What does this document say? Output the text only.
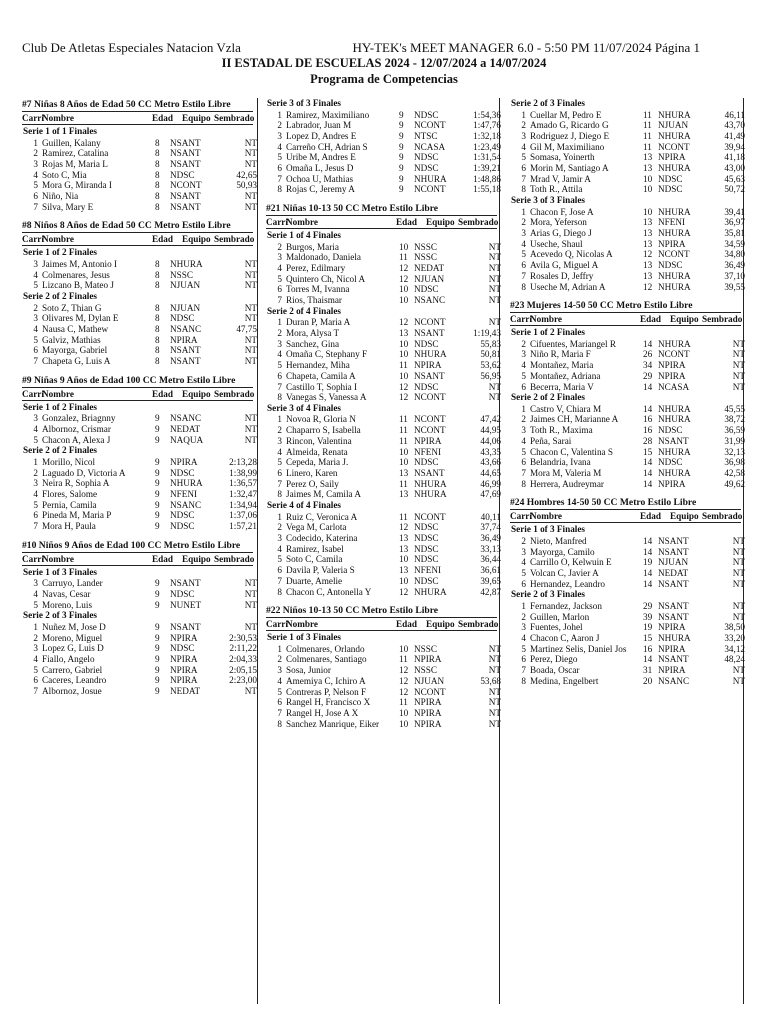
Club De Atletas Especiales Natacion Vzla	HY-TEK's MEET MANAGER 6.0 - 5:50 PM 11/07/2024 Página 1
II ESTADAL DE ESCUELAS 2024 - 12/07/2024 a 14/07/2024
Programa de Competencias
#7 Niñas 8 Años de Edad 50 CC Metro Estilo Libre
Carri
Nombre	Edad Equipo Sembrado
Serie 1 of 1 Finales
1 Guillen, Kalany	8	NSANT	NT
2 Ramirez, Catalina	8	NSANT	NT
3 Rojas M, Maria L	8	NSANT	NT
4 Soto C, Mia	8	NDSC	42,65
5 Mora G, Miranda I	8	NCONT	50,93
6 Niño, Nia	8	NSANT	NT
7 Silva, Mary E	8	NSANT	NT
#8 Niños 8 Años de Edad 50 CC Metro Estilo Libre
Carri
Nombre	Edad Equipo Sembrado
Serie 1 of 2 Finales
3 Jaimes M, Antonio I	8	NHURA	NT
4 Colmenares, Jesus	8	NSSC	NT
5 Lizcano B, Mateo J	8	NJUAN	NT
Serie 2 of 2 Finales
2 Soto Z, Thian G	8	NJUAN	NT
3 Olivares M, Dylan E	8	NDSC	NT
4 Nausa C, Mathew	8	NSANC	47,75
5 Galviz, Mathias	8	NPIRA	NT
6 Mayorga, Gabriel	8	NSANT	NT
7 Chapeta G, Luis A	8	NSANT	NT
#9 Niñas 9 Años de Edad 100 CC Metro Estilo Libre
Carri
Nombre	Edad Equipo Sembrado
Serie 1 of 2 Finales
3 Gonzalez, Briagnny	9	NSANC	NT
4 Albornoz, Crismar	9	NEDAT	NT
5 Chacon A, Alexa J	9	NAQUA	NT
Serie 2 of 2 Finales
1 Morillo, Nicol	9	NPIRA	2:13,28
2 Laguado D, Victoria A	9	NDSC	1:38,99
3 Neira R, Sophia A	9	NHURA	1:36,57
4 Flores, Salome	9	NFENI	1:32,47
5 Pernia, Camila	9	NSANC	1:34,94
6 Pineda M, Maria P	9	NDSC	1:37,06
7 Mora H, Paula	9	NDSC	1:57,21
#10 Niños 9 Años de Edad 100 CC Metro Estilo Libre
Carri
Nombre	Edad Equipo Sembrado
Serie 1 of 3 Finales
3 Carruyo, Lander	9	NSANT	NT
4 Navas, Cesar	9	NDSC	NT
5 Moreno, Luis	9	NUNET	NT
Serie 2 of 3 Finales
1 Nuñez M, Jose D	9	NSANT	NT
2 Moreno, Miguel	9	NPIRA	2:30,53
3 Lopez G, Luis D	9	NDSC	2:11,22
4 Fiallo, Angelo	9	NPIRA	2:04,33
5 Carrero, Gabriel	9	NPIRA	2:05,15
6 Caceres, Leandro	9	NPIRA	2:23,00
7 Albornoz, Josue	9	NEDAT	NT
Serie 3 of 3 Finales
1 Ramirez, Maximiliano	9	NDSC	1:54,36
2 Labrador, Juan M	9	NCONT	1:47,76
3 Lopez D, Andres E	9	NTSC	1:32,18
4 Carreño CH, Adrian S	9	NCASA	1:23,49
5 Uribe M, Andres E	9	NDSC	1:31,54
6 Omaña L, Jesus D	9	NDSC	1:39,21
7 Ochoa U, Mathias	9	NHURA	1:48,86
8 Rojas C, Jeremy A	9	NCONT	1:55,18
#21 Niñas 10-13 50 CC Metro Estilo Libre
Carri
Nombre	Edad Equipo Sembrado
Serie 1 of 4 Finales
2 Burgos, Maria	10 NSSC	NT
3 Maldonado, Daniela	11 NSSC	NT
4 Perez, Edilmary	12 NEDAT	NT
5 Quintero Ch, Nicol A	12 NJUAN	NT
6 Torres M, Ivanna	10 NDSC	NT
7 Rios, Thaismar	10 NSANC	NT
Serie 2 of 4 Finales
1 Duran P, Maria A	12 NCONT	NT
2 Mora, Alysa T	13 NSANT	1:19,43
3 Sanchez, Gina	10 NDSC	55,83
4 Omaña C, Stephany F	10 NHURA	50,81
5 Hernandez, Miha	11 NPIRA	53,62
6 Chapeta, Camila A	10 NSANT	56,95
7 Castillo T, Sophia I	12 NDSC	NT
8 Vanegas S, Vanessa A	12 NCONT	NT
Serie 3 of 4 Finales
1 Novoa R, Gloria N	11 NCONT	47,42
2 Chaparro S, Isabella	11 NCONT	44,95
3 Rincon, Valentina	11 NPIRA	44,06
4 Almeida, Renata	10 NFENI	43,35
5 Cepeda, Maria J.	10 NDSC	43,66
6 Linero, Karen	13 NSANT	44,65
7 Perez O, Saily	11 NHURA	46,99
8 Jaimes M, Camila A	13 NHURA	47,69
Serie 4 of 4 Finales
1 Ruiz C, Veronica A	11 NCONT	40,11
2 Vega M, Carlota	12 NDSC	37,74
3 Codecido, Katerina	13 NDSC	36,49
4 Ramirez, Isabel	13 NDSC	33,13
5 Soto C, Camila	10 NDSC	36,44
6 Davila P, Valeria S	13 NFENI	36,61
7 Duarte, Amelie	10 NDSC	39,65
8 Chacon C, Antonella Y	12 NHURA	42,87
#22 Niños 10-13 50 CC Metro Estilo Libre
Carri
Nombre	Edad Equipo Sembrado
Serie 1 of 3 Finales
1 Colmenares, Orlando	10 NSSC	NT
2 Colmenares, Santiago	11 NPIRA	NT
3 Sosa, Junior	12 NSSC	NT
4 Amemiya C, Ichiro A	12 NJUAN	53,68
5 Contreras P, Nelson F	12 NCONT	NT
6 Rangel H, Francisco X	11 NPIRA	NT
7 Rangel H, Jose A X	10 NPIRA	NT
8 Sanchez Manrique, Eiker	10 NPIRA	NT
Serie 2 of 3 Finales
1 Cuellar M, Pedro E	11 NHURA	46,11
2 Amado G, Ricardo G	11 NJUAN	43,70
3 Rodriguez J, Diego E	11 NHURA	41,49
4 Gil M, Maximiliano	11 NCONT	39,94
5 Somasa, Yoinerth	13 NPIRA	41,18
6 Morin M, Santiago A	13 NHURA	43,00
7 Mrad V, Jamir A	10 NDSC	45,63
8 Toth R., Attila	10 NDSC	50,72
Serie 3 of 3 Finales
1 Chacon F, Jose A	10 NHURA	39,41
2 Mora, Yeferson	13 NFENI	36,97
3 Arias G, Diego J	13 NHURA	35,81
4 Useche, Shaul	13 NPIRA	34,59
5 Acevedo Q, Nicolas A	12 NCONT	34,80
6 Avila G, Miguel A	13 NDSC	36,49
7 Rosales D, Jeffry	13 NHURA	37,10
8 Useche M, Adrian A	12 NHURA	39,55
#23 Mujeres 14-50 50 CC Metro Estilo Libre
Carri
Nombre	Edad Equipo Sembrado
Serie 1 of 2 Finales
2 Cifuentes, Mariangel R	14 NHURA	NT
3 Niño R, Maria F	26 NCONT	NT
4 Montañez, Maria	34 NPIRA	NT
5 Montañez, Adriana	29 NPIRA	NT
6 Becerra, Maria V	14 NCASA	NT
Serie 2 of 2 Finales
1 Castro V, Chiara M	14 NHURA	45,55
2 Jaimes CH, Marianne A	16 NHURA	38,72
3 Toth R., Maxima	16 NDSC	36,59
4 Peña, Sarai	28 NSANT	31,99
5 Chacon C, Valentina S	15 NHURA	32,13
6 Belandria, Ivana	14 NDSC	36,98
7 Mora M, Valeria M	14 NHURA	42,58
8 Herrera, Audreymar	14 NPIRA	49,62
#24 Hombres 14-50 50 CC Metro Estilo Libre
Carri
Nombre	Edad Equipo Sembrado
Serie 1 of 3 Finales
2 Nieto, Manfred	14 NSANT	NT
3 Mayorga, Camilo	14 NSANT	NT
4 Carrillo O, Kelwuin E	19 NJUAN	NT
5 Volcan C, Javier A	14 NEDAT	NT
6 Hernandez, Leandro	14 NSANT	NT
Serie 2 of 3 Finales
1 Fernandez, Jackson	29 NSANT	NT
2 Guillen, Marlon	39 NSANT	NT
3 Fuentes, Johel	19 NPIRA	38,50
4 Chacon C, Aaron J	15 NHURA	33,20
5 Martinez Selis, Daniel Jos	16 NPIRA	34,12
6 Perez, Diego	14 NSANT	48,24
7 Boada, Oscar	31 NPIRA	NT
8 Medina, Engelbert	20 NSANC	NT
